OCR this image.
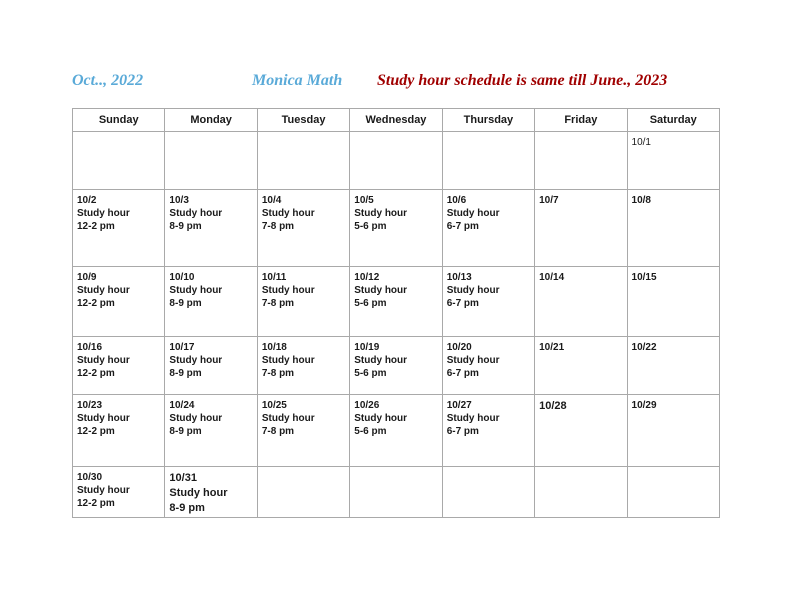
Oct.., 2022	Monica Math Study hour schedule is same till June., 2023
Sunday	Monday	Tuesday	Wednesday	Thursday	Friday	Saturday

						10/1

10/2
Study hour
12-2 pm	10/3
Study hour
8-9 pm	10/4
Study hour
7-8 pm	10/5
Study hour
5-6 pm	10/6
Study hour
6-7 pm	10/7	10/8

10/9
Study hour
12-2 pm	10/10
Study hour
8-9 pm	10/11
Study hour
7-8 pm	10/12
Study hour
5-6 pm	10/13
Study hour
6-7 pm	10/14	10/15

10/16
Study hour
12-2 pm	10/17
Study hour
8-9 pm	10/18
Study hour
7-8 pm	10/19
Study hour
5-6 pm	10/20
Study hour
6-7 pm	10/21	10/22

10/23
Study hour
12-2 pm	10/24
Study hour
8-9 pm	10/25
Study hour
7-8 pm	10/26
Study hour
5-6 pm	10/27
Study hour
6-7 pm	10/28	10/29

10/30
Study hour
12-2 pm	10/31
Study hour
8-9 pm					
